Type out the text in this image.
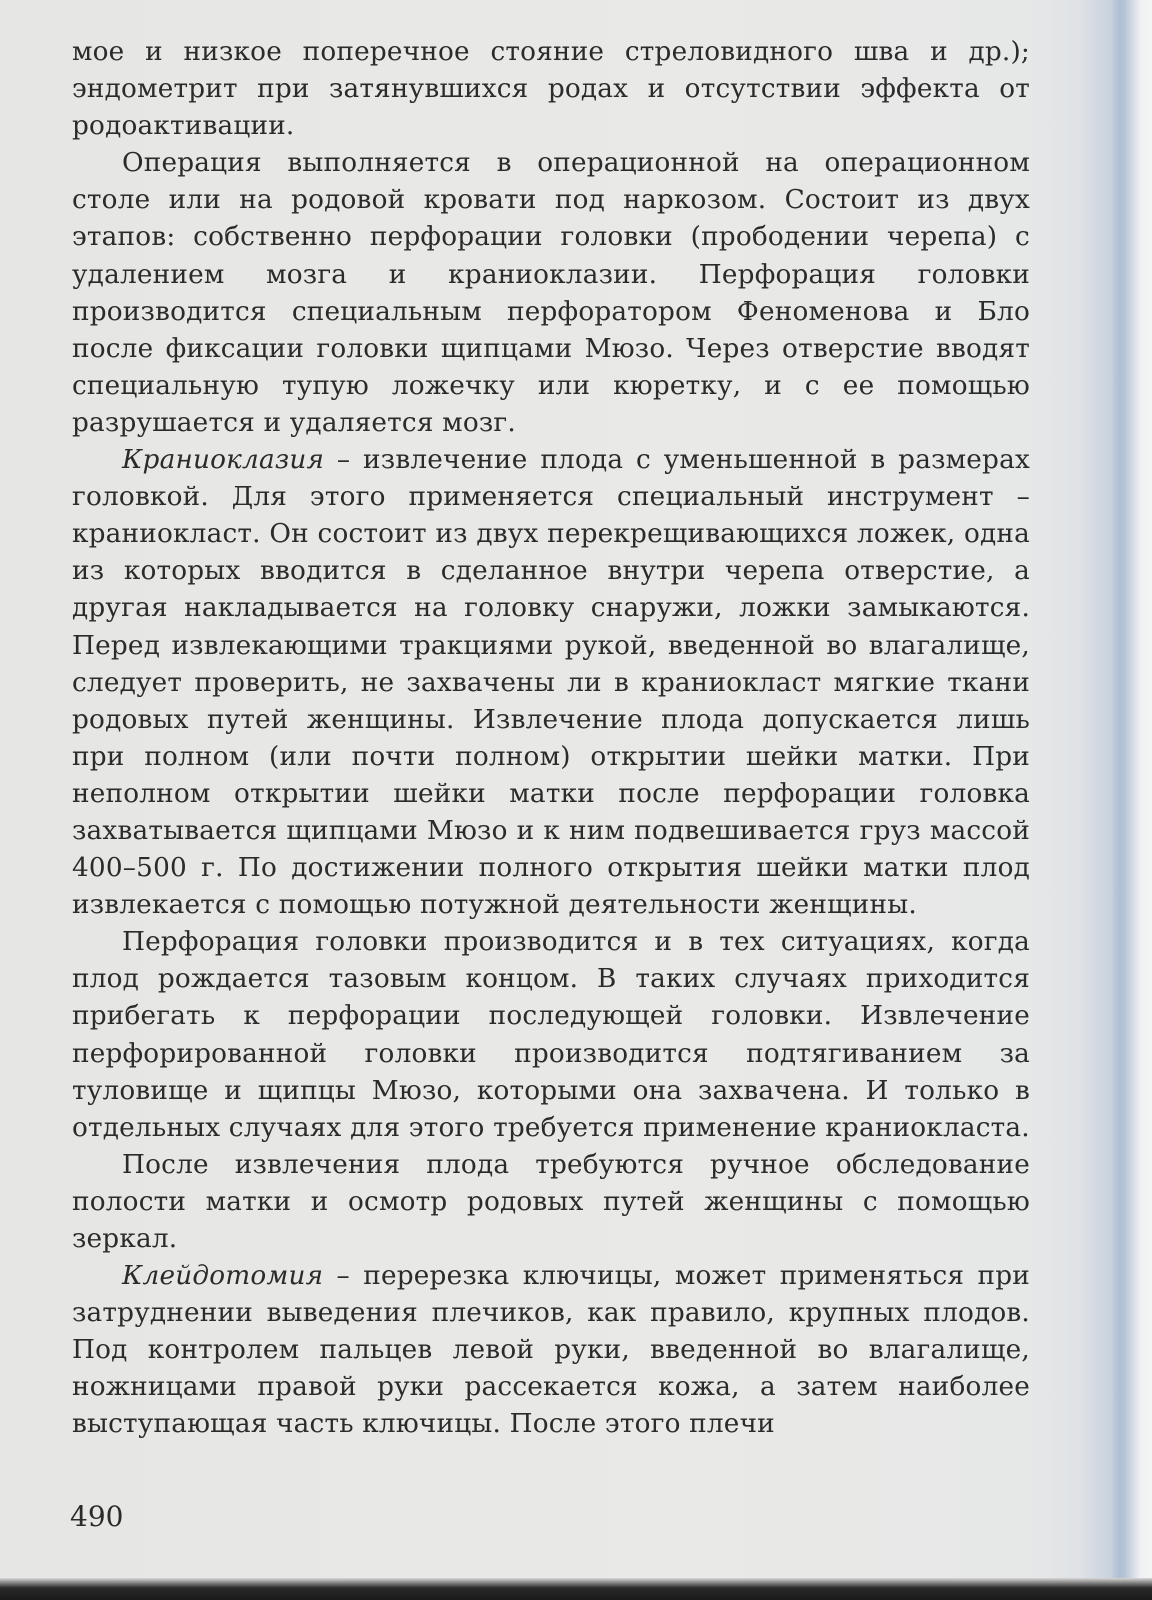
мое и низкое поперечное стояние стреловидного шва и др.); эндометрит при затянувшихся родах и отсутствии эффекта от родоактивации.

Операция выполняется в операционной на операционном столе или на родовой кровати под наркозом. Состоит из двух этапов: собственно перфорации головки (прободении черепа) с удалением мозга и краниоклазии. Перфорация головки производится специальным перфоратором Феноменова и Бло после фиксации головки щипцами Мюзо. Через отверстие вводят специальную тупую ложечку или кюретку, и с ее помощью разрушается и удаляется мозг.

Краниоклазия – извлечение плода с уменьшенной в размерах головкой. Для этого применяется специальный инструмент – краниокласт. Он состоит из двух перекрещивающихся ложек, одна из которых вводится в сделанное внутри черепа отверстие, а другая накладывается на головку снаружи, ложки замыкаются. Перед извлекающими тракциями рукой, введенной во влагалище, следует проверить, не захвачены ли в краниокласт мягкие ткани родовых путей женщины. Извлечение плода допускается лишь при полном (или почти полном) открытии шейки матки. При неполном открытии шейки матки после перфорации головка захватывается щипцами Мюзо и к ним подвешивается груз массой 400–500 г. По достижении полного открытия шейки матки плод извлекается с помощью потужной деятельности женщины.

Перфорация головки производится и в тех ситуациях, когда плод рождается тазовым концом. В таких случаях приходится прибегать к перфорации последующей головки. Извлечение перфорированной головки производится подтягиванием за туловище и щипцы Мюзо, которыми она захвачена. И только в отдельных случаях для этого требуется применение краниокласта.

После извлечения плода требуются ручное обследование полости матки и осмотр родовых путей женщины с помощью зеркал.

Клейдотомия – перерезка ключицы, может применяться при затруднении выведения плечиков, как правило, крупных плодов. Под контролем пальцев левой руки, введенной во влагалище, ножницами правой руки рассекается кожа, а затем наиболее выступающая часть ключицы. После этого плечи

490
